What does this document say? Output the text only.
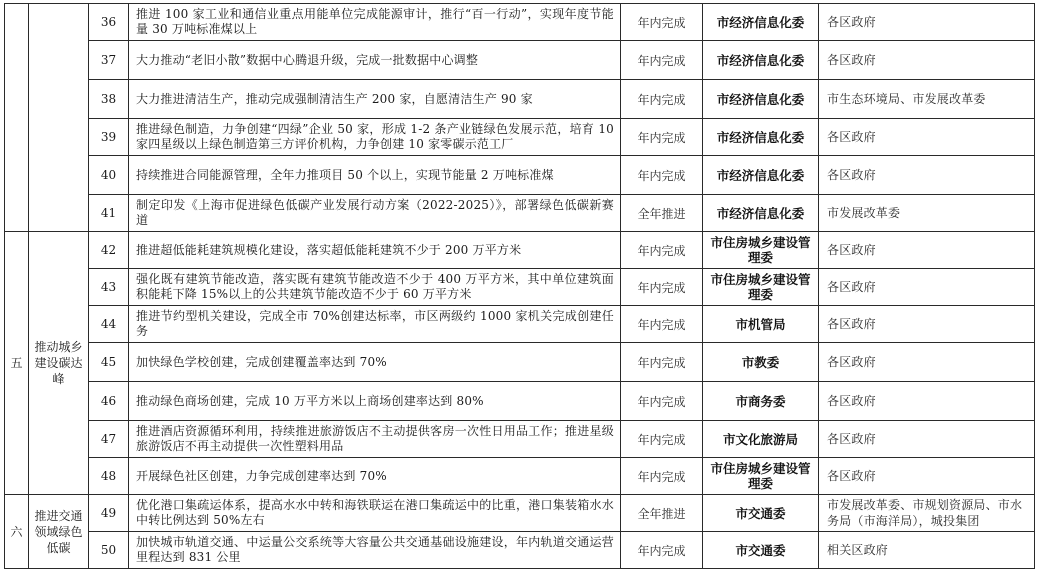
		36	推进 100 家工业和通信业重点用能单位完成能源审计，推行“百一行动”，实现年度节能量 30 万吨标准煤以上	年内完成	市经济信息化委	各区政府
		37	大力推动“老旧小散”数据中心腾退升级，完成一批数据中心调整	年内完成	市经济信息化委	各区政府
		38	大力推进清洁生产，推动完成强制清洁生产 200 家，自愿清洁生产 90 家	年内完成	市经济信息化委	市生态环境局、市发展改革委
		39	推进绿色制造，力争创建“四绿”企业 50 家，形成 1-2 条产业链绿色发展示范，培育 10 家四星级以上绿色制造第三方评价机构，力争创建 10 家零碳示范工厂	年内完成	市经济信息化委	各区政府
		40	持续推进合同能源管理，全年力推项目 50 个以上，实现节能量 2 万吨标准煤	年内完成	市经济信息化委	各区政府
		41	制定印发《上海市促进绿色低碳产业发展行动方案（2022-2025）》，部署绿色低碳新赛道	全年推进	市经济信息化委	市发展改革委
五	推动城乡建设碳达峰	42	推进超低能耗建筑规模化建设，落实超低能耗建筑不少于 200 万平方米	年内完成	市住房城乡建设管理委	各区政府
		43	强化既有建筑节能改造，落实既有建筑节能改造不少于 400 万平方米，其中单位建筑面积能耗下降 15%以上的公共建筑节能改造不少于 60 万平方米	年内完成	市住房城乡建设管理委	各区政府
		44	推进节约型机关建设，完成全市 70%创建达标率，市区两级约 1000 家机关完成创建任务	年内完成	市机管局	各区政府
		45	加快绿色学校创建，完成创建覆盖率达到 70%	年内完成	市教委	各区政府
		46	推动绿色商场创建，完成 10 万平方米以上商场创建率达到 80%	年内完成	市商务委	各区政府
		47	推进酒店资源循环利用，持续推进旅游饭店不主动提供客房一次性日用品工作；推进星级旅游饭店不再主动提供一次性塑料用品	年内完成	市文化旅游局	各区政府
		48	开展绿色社区创建，力争完成创建率达到 70%	年内完成	市住房城乡建设管理委	各区政府
六	推进交通领域绿色低碳	49	优化港口集疏运体系，提高水水中转和海铁联运在港口集疏运中的比重，港口集装箱水水中转比例达到 50%左右	全年推进	市交通委	市发展改革委、市规划资源局、市水务局（市海洋局），城投集团
		50	加快城市轨道交通、中运量公交系统等大容量公共交通基础设施建设，年内轨道交通运营里程达到 831 公里	年内完成	市交通委	相关区政府
